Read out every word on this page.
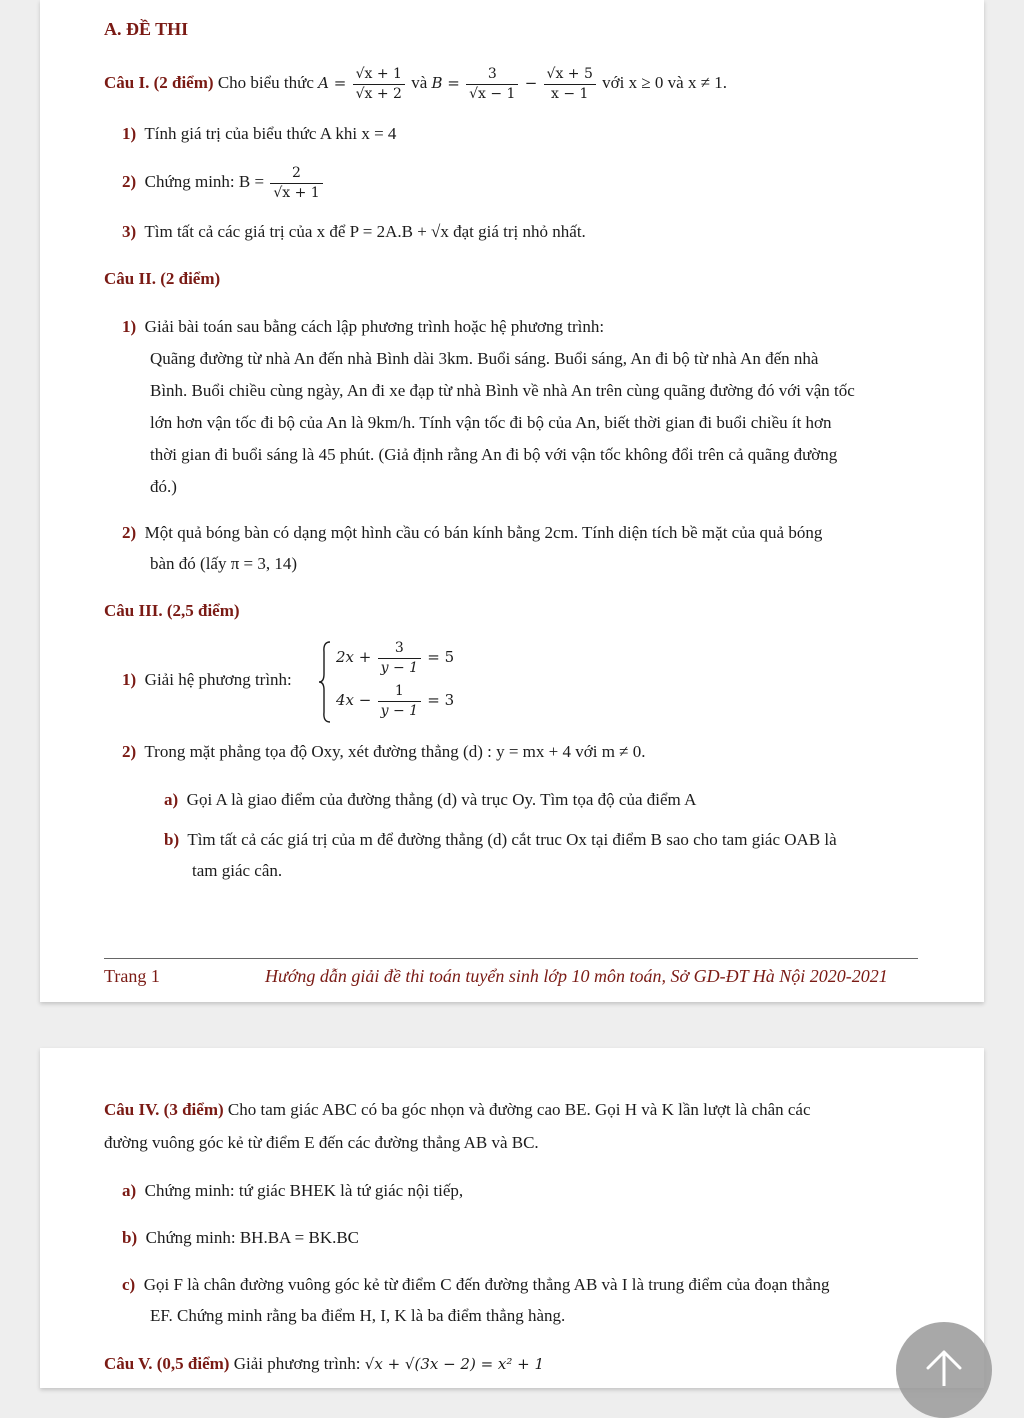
A. ĐỀ THI
Câu I. (2 điểm) Cho biểu thức $A = \frac{√x + 1}{√x + 2}$ và $B = \frac{3}{√x - 1} - \frac{√x + 5}{x - 1}$ với x ≥ 0 và x ≠ 1.
1) Tính giá trị của biểu thức A khi x = 4
2) Chứng minh: $B = \frac{2}{√x + 1}$
3) Tìm tất cả các giá trị của x để P = 2A.B + √x đạt giá trị nhỏ nhất.
Câu II. (2 điểm)
1) Giải bài toán sau bằng cách lập phương trình hoặc hệ phương trình:
Quãng đường từ nhà An đến nhà Bình dài 3km. Buổi sáng. Buổi sáng, An đi bộ từ nhà An đến nhà
Bình. Buổi chiều cùng ngày, An đi xe đạp từ nhà Bình về nhà An trên cùng quãng đường đó với vận tốc
lớn hơn vận tốc đi bộ của An là 9km/h. Tính vận tốc đi bộ của An, biết thời gian đi buổi chiều ít hơn
thời gian đi buổi sáng là 45 phút. (Giả định rằng An đi bộ với vận tốc không đổi trên cả quãng đường
đó.)
2) Một quả bóng bàn có dạng một hình cầu có bán kính bằng 2cm. Tính diện tích bề mặt của quả bóng
bàn đó (lấy π = 3, 14)
Câu III. (2,5 điểm)
1) Giải hệ phương trình:
$2x + \frac{3}{y - 1} = 5$
$4x - \frac{1}{y - 1} = 3$
2) Trong mặt phẳng tọa độ Oxy, xét đường thẳng (d) : y = mx + 4 với m ≠ 0.
a) Gọi A là giao điểm của đường thẳng (d) và trục Oy. Tìm tọa độ của điểm A
b) Tìm tất cả các giá trị của m để đường thẳng (d) cắt truc Ox tại điểm B sao cho tam giác OAB là
tam giác cân.
Trang 1	Hướng dẫn giải đề thi toán tuyển sinh lớp 10 môn toán, Sở GD-ĐT Hà Nội 2020-2021
Câu IV. (3 điểm) Cho tam giác ABC có ba góc nhọn và đường cao BE. Gọi H và K lần lượt là chân các
đường vuông góc kẻ từ điểm E đến các đường thẳng AB và BC.
a) Chứng minh: tứ giác BHEK là tứ giác nội tiếp,
b) Chứng minh: BH.BA = BK.BC
c) Gọi F là chân đường vuông góc kẻ từ điểm C đến đường thẳng AB và I là trung điểm của đoạn thẳng
EF. Chứng minh rằng ba điểm H, I, K là ba điểm thẳng hàng.
Câu V. (0,5 điểm) Giải phương trình: √x + √(3x − 2) = x² + 1
